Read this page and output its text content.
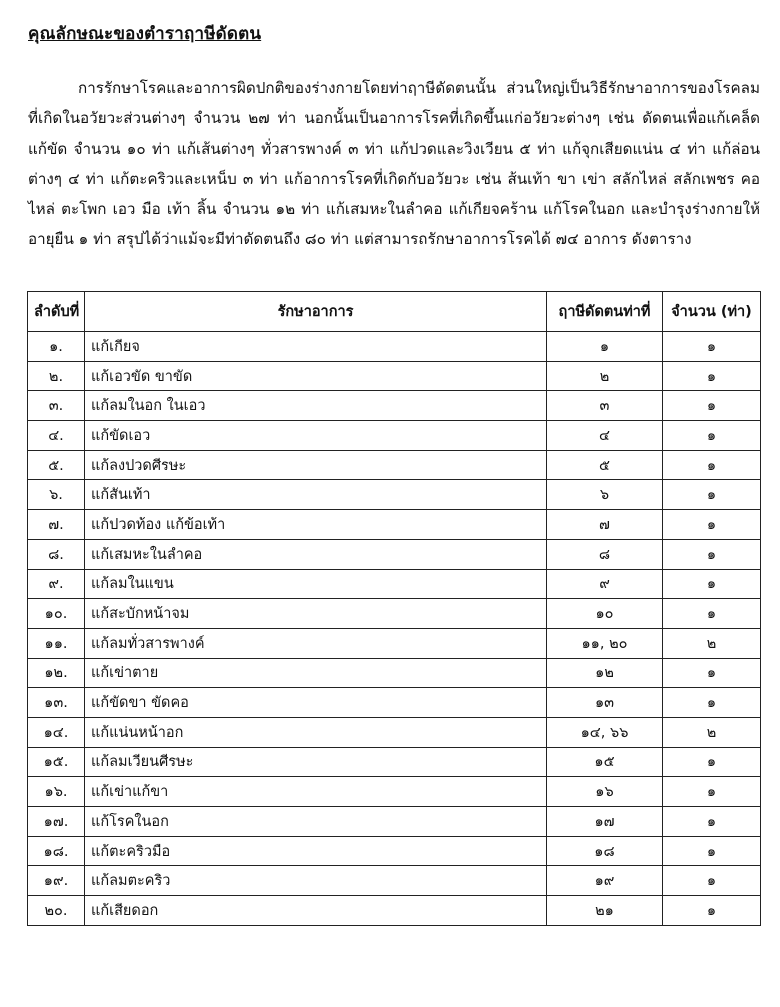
คุณลักษณะของตำราฤาษีดัดตน

การรักษาโรคและอาการผิดปกติของร่างกายโดยท่าฤาษีดัดตนนั้น ส่วนใหญ่เป็นวิธีรักษาอาการของโรคลมที่เกิดในอวัยวะส่วนต่างๆ จำนวน ๒๗ ท่า นอกนั้นเป็นอาการโรคที่เกิดขึ้นแก่อวัยวะต่างๆ เช่น ดัดตนเพื่อแก้เคล็ด แก้ขัด จำนวน ๑๐ ท่า แก้เส้นต่างๆ ทั่วสารพางค์ ๓ ท่า แก้ปวดและวิงเวียน ๕ ท่า แก้จุกเสียดแน่น ๔ ท่า แก้ล่อนต่างๆ ๔ ท่า แก้ตะคริวและเหน็บ ๓ ท่า แก้อาการโรคที่เกิดกับอวัยวะ เช่น ส้นเท้า ขา เข่า สลักไหล่ สลักเพชร คอ ไหล่ ตะโพก เอว มือ เท้า ลิ้น จำนวน ๑๒ ท่า แก้เสมหะในลำคอ แก้เกียจคร้าน แก้โรคในอก และบำรุงร่างกายให้อายุยืน ๑ ท่า สรุปได้ว่าแม้จะมีท่าดัดตนถึง ๘๐ ท่า แต่สามารถรักษาอาการโรคได้ ๗๔ อาการ ดังตาราง

ลำดับที่	รักษาอาการ	ฤาษีดัดตนท่าที่	จำนวน (ท่า)
๑.	แก้เกียจ	๑	๑
๒.	แก้เอวขัด ขาขัด	๒	๑
๓.	แก้ลมในอก ในเอว	๓	๑
๔.	แก้ขัดเอว	๔	๑
๕.	แก้ลงปวดศีรษะ	๕	๑
๖.	แก้สันเท้า	๖	๑
๗.	แก้ปวดท้อง แก้ข้อเท้า	๗	๑
๘.	แก้เสมหะในลำคอ	๘	๑
๙.	แก้ลมในแขน	๙	๑
๑๐.	แก้สะบักหน้าจม	๑๐	๑
๑๑.	แก้ลมทั่วสารพางค์	๑๑, ๒๐	๒
๑๒.	แก้เข่าตาย	๑๒	๑
๑๓.	แก้ขัดขา ขัดคอ	๑๓	๑
๑๔.	แก้แน่นหน้าอก	๑๔, ๖๖	๒
๑๕.	แก้ลมเวียนศีรษะ	๑๕	๑
๑๖.	แก้เข่าแก้ขา	๑๖	๑
๑๗.	แก้โรคในอก	๑๗	๑
๑๘.	แก้ตะคริวมือ	๑๘	๑
๑๙.	แก้ลมตะคริว	๑๙	๑
๒๐.	แก้เสียดอก	๒๑	๑
